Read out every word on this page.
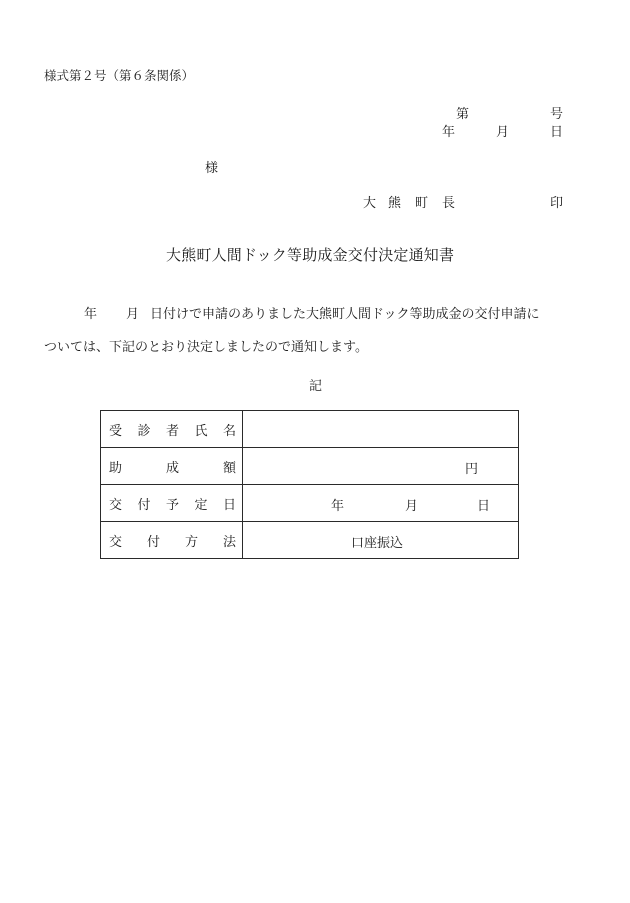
様式第２号（第６条関係）
第	号
年	月	日
様
大 熊 町 長	印
大熊町人間ドック等助成金交付決定通知書
年 月 日付けで申請のありました大熊町人間ドック等助成金の交付申請に
ついては、下記のとおり決定しましたので通知します。
記
受 診 者 氏 名	

助 成 額	円

交 付 予 定 日	年 月 日

交 付 方 法	口座振込
